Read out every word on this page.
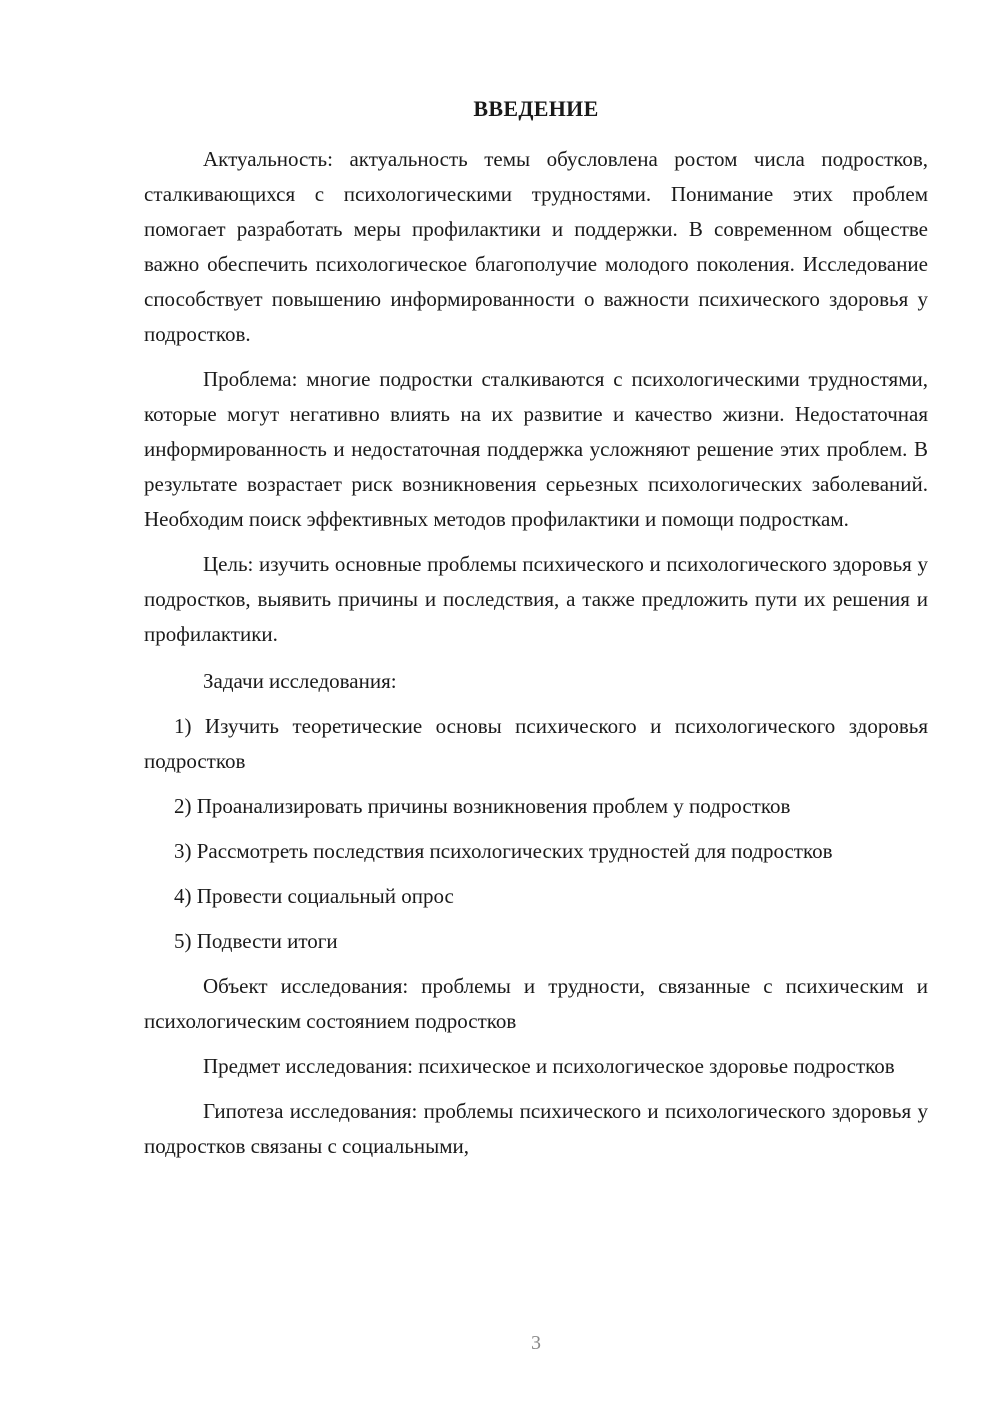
ВВЕДЕНИЕ

Актуальность: актуальность темы обусловлена ростом числа подростков, сталкивающихся с психологическими трудностями. Понимание этих проблем помогает разработать меры профилактики и поддержки. В современном обществе важно обеспечить психологическое благополучие молодого поколения. Исследование способствует повышению информированности о важности психического здоровья у подростков.

Проблема: многие подростки сталкиваются с психологическими трудностями, которые могут негативно влиять на их развитие и качество жизни. Недостаточная информированность и недостаточная поддержка усложняют решение этих проблем. В результате возрастает риск возникновения серьезных психологических заболеваний. Необходим поиск эффективных методов профилактики и помощи подросткам.

Цель: изучить основные проблемы психического и психологического здоровья у подростков, выявить причины и последствия, а также предложить пути их решения и профилактики.

Задачи исследования:

1) Изучить теоретические основы психического и психологического здоровья подростков

2) Проанализировать причины возникновения проблем у подростков

3) Рассмотреть последствия психологических трудностей для подростков

4) Провести социальный опрос

5) Подвести итоги

Объект исследования: проблемы и трудности, связанные с психическим и психологическим состоянием подростков

Предмет исследования: психическое и психологическое здоровье подростков

Гипотеза исследования: проблемы психического и психологического здоровья у подростков связаны с социальными,

3
